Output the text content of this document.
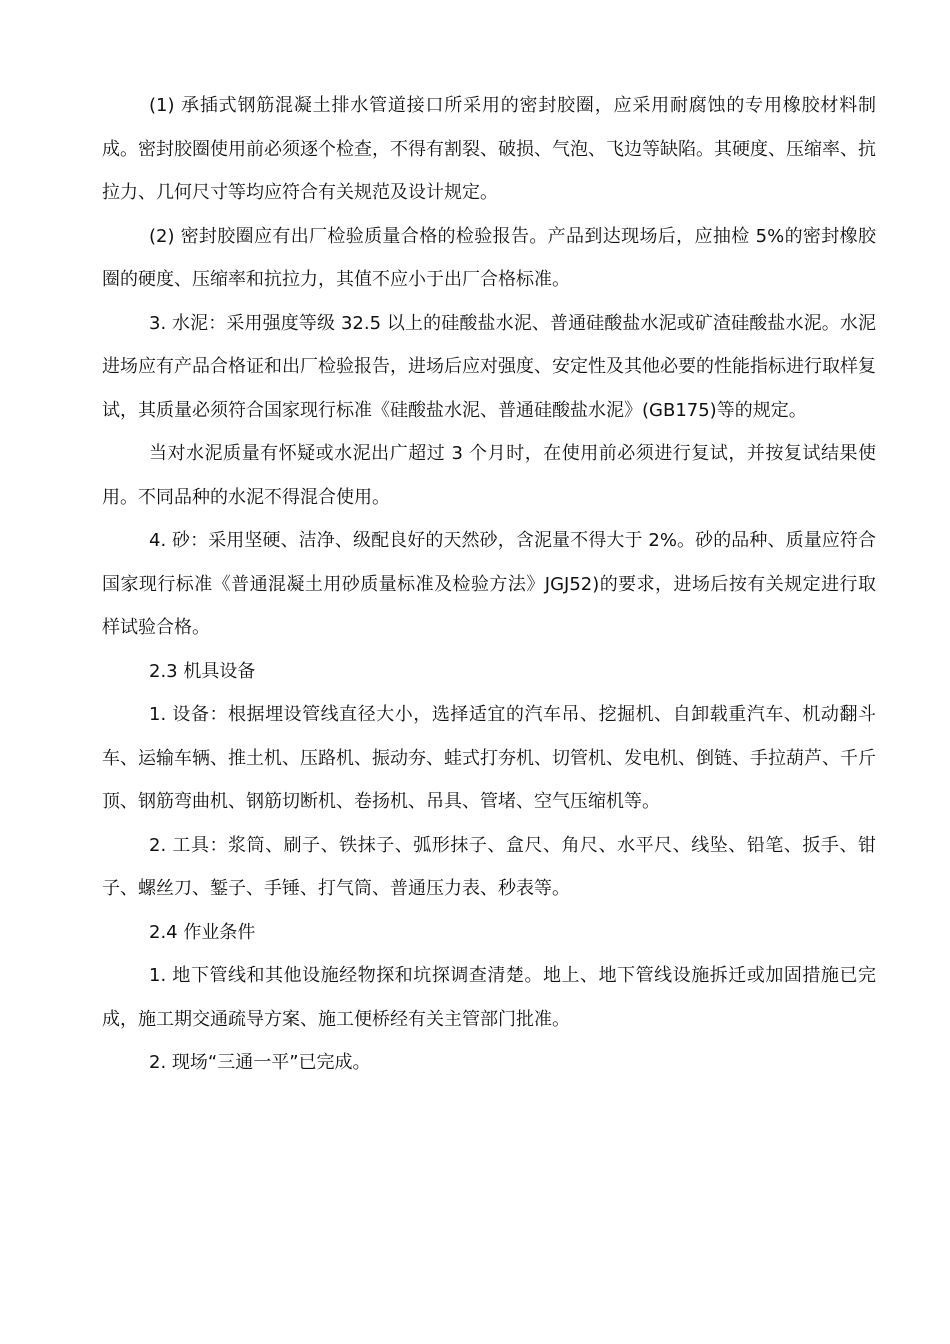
(1) 承插式钢筋混凝土排水管道接口所采用的密封胶圈，应采用耐腐蚀的专用橡胶材料制成。密封胶圈使用前必须逐个检查，不得有割裂、破损、气泡、飞边等缺陷。其硬度、压缩率、抗拉力、几何尺寸等均应符合有关规范及设计规定。

(2) 密封胶圈应有出厂检验质量合格的检验报告。产品到达现场后，应抽检 5%的密封橡胶圈的硬度、压缩率和抗拉力，其值不应小于出厂合格标准。

3. 水泥：采用强度等级 32.5 以上的硅酸盐水泥、普通硅酸盐水泥或矿渣硅酸盐水泥。水泥进场应有产品合格证和出厂检验报告，进场后应对强度、安定性及其他必要的性能指标进行取样复试，其质量必须符合国家现行标准《硅酸盐水泥、普通硅酸盐水泥》(GB175)等的规定。

当对水泥质量有怀疑或水泥出广超过 3 个月时，在使用前必须进行复试，并按复试结果使用。不同品种的水泥不得混合使用。

4. 砂：采用坚硬、洁净、级配良好的天然砂，含泥量不得大于 2%。砂的品种、质量应符合国家现行标准《普通混凝土用砂质量标准及检验方法》JGJ52)的要求，进场后按有关规定进行取样试验合格。

2.3 机具设备

1. 设备：根据埋设管线直径大小，选择适宜的汽车吊、挖掘机、自卸载重汽车、机动翻斗车、运输车辆、推土机、压路机、振动夯、蛙式打夯机、切管机、发电机、倒链、手拉葫芦、千斤顶、钢筋弯曲机、钢筋切断机、卷扬机、吊具、管堵、空气压缩机等。

2. 工具：浆筒、刷子、铁抹子、弧形抹子、盒尺、角尺、水平尺、线坠、铅笔、扳手、钳子、螺丝刀、錾子、手锤、打气筒、普通压力表、秒表等。

2.4 作业条件

1. 地下管线和其他设施经物探和坑探调查清楚。地上、地下管线设施拆迁或加固措施已完成，施工期交通疏导方案、施工便桥经有关主管部门批准。

2. 现场“三通一平”已完成。
